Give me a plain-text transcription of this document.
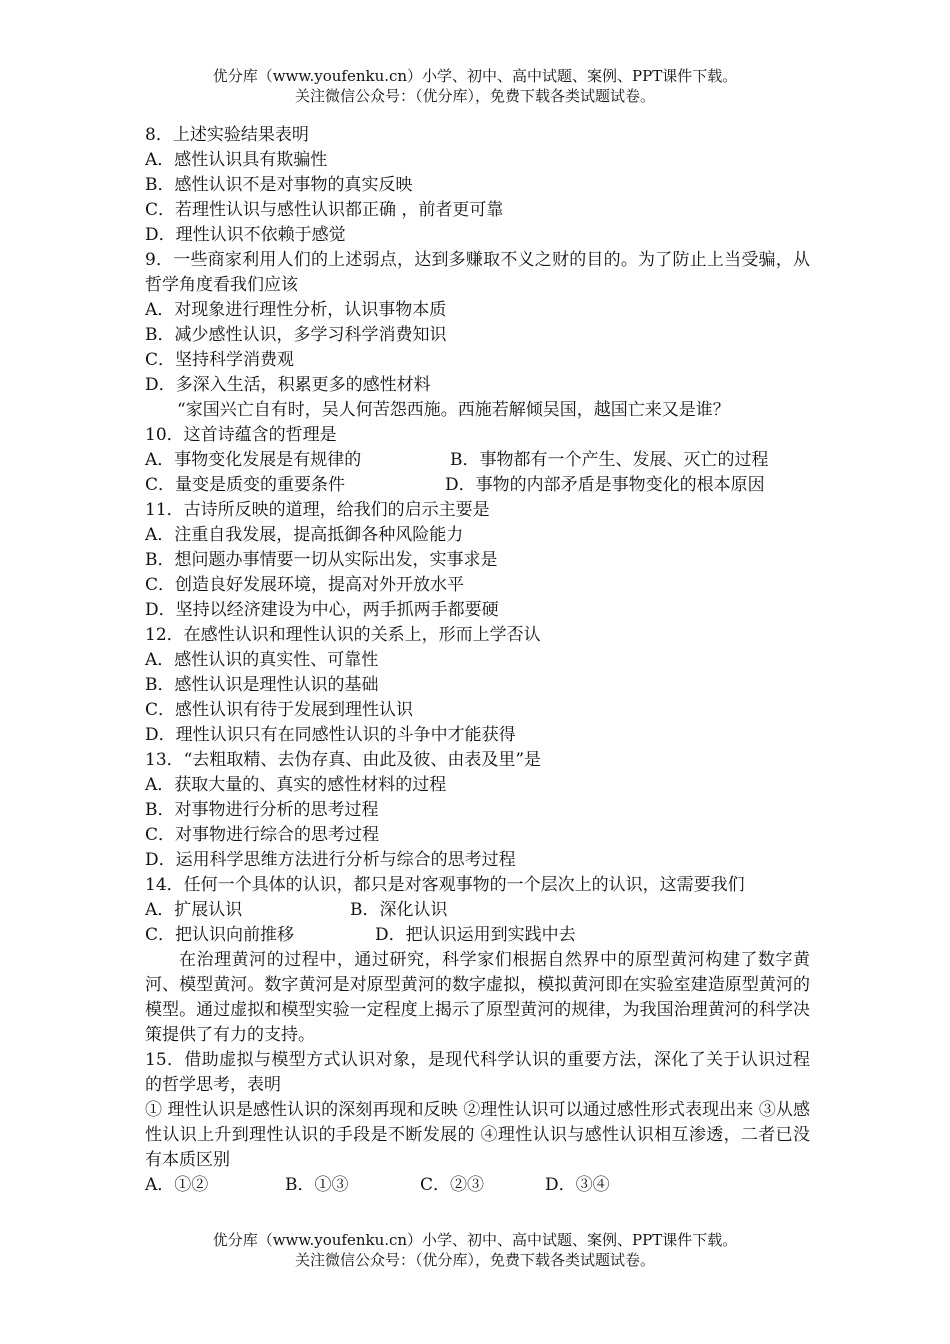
优分库（www.youfenku.cn）小学、初中、高中试题、案例、PPT课件下载。
关注微信公众号：（优分库），免费下载各类试题试卷。
8．上述实验结果表明
A．感性认识具有欺骗性
B．感性认识不是对事物的真实反映
C．若理性认识与感性认识都正确 ，前者更可靠
D．理性认识不依赖于感觉
9．一些商家利用人们的上述弱点，达到多赚取不义之财的目的。为了防止上当受骗，从哲学角度看我们应该
A．对现象进行理性分析，认识事物本质
B．减少感性认识，多学习科学消费知识
C．坚持科学消费观
D．多深入生活，积累更多的感性材料
“家国兴亡自有时，吴人何苦怨西施。西施若解倾吴国，越国亡来又是谁？
10．这首诗蕴含的哲理是
A．事物变化发展是有规律的	B．事物都有一个产生、发展、灭亡的过程
C．量变是质变的重要条件	D．事物的内部矛盾是事物变化的根本原因
11．古诗所反映的道理，给我们的启示主要是
A．注重自我发展，提高抵御各种风险能力
B．想问题办事情要一切从实际出发，实事求是
C．创造良好发展环境，提高对外开放水平
D．坚持以经济建设为中心，两手抓两手都要硬
12．在感性认识和理性认识的关系上，形而上学否认
A．感性认识的真实性、可靠性
B．感性认识是理性认识的基础
C．感性认识有待于发展到理性认识
D．理性认识只有在同感性认识的斗争中才能获得
13．“去粗取精、去伪存真、由此及彼、由表及里”是
A．获取大量的、真实的感性材料的过程
B．对事物进行分析的思考过程
C．对事物进行综合的思考过程
D．运用科学思维方法进行分析与综合的思考过程
14．任何一个具体的认识，都只是对客观事物的一个层次上的认识，这需要我们
A．扩展认识	B．深化认识
C．把认识向前推移	D．把认识运用到实践中去
在治理黄河的过程中，通过研究，科学家们根据自然界中的原型黄河构建了数字黄河、模型黄河。数字黄河是对原型黄河的数字虚拟，模拟黄河即在实验室建造原型黄河的模型。通过虚拟和模型实验一定程度上揭示了原型黄河的规律，为我国治理黄河的科学决策提供了有力的支持。
15．借助虚拟与模型方式认识对象，是现代科学认识的重要方法，深化了关于认识过程的哲学思考，表明
① 理性认识是感性认识的深刻再现和反映 ②理性认识可以通过感性形式表现出来 ③从感性认识上升到理性认识的手段是不断发展的 ④理性认识与感性认识相互渗透，二者已没有本质区别
A．①②	B．①③	C．②③	D．③④
优分库（www.youfenku.cn）小学、初中、高中试题、案例、PPT课件下载。
关注微信公众号：（优分库），免费下载各类试题试卷。
